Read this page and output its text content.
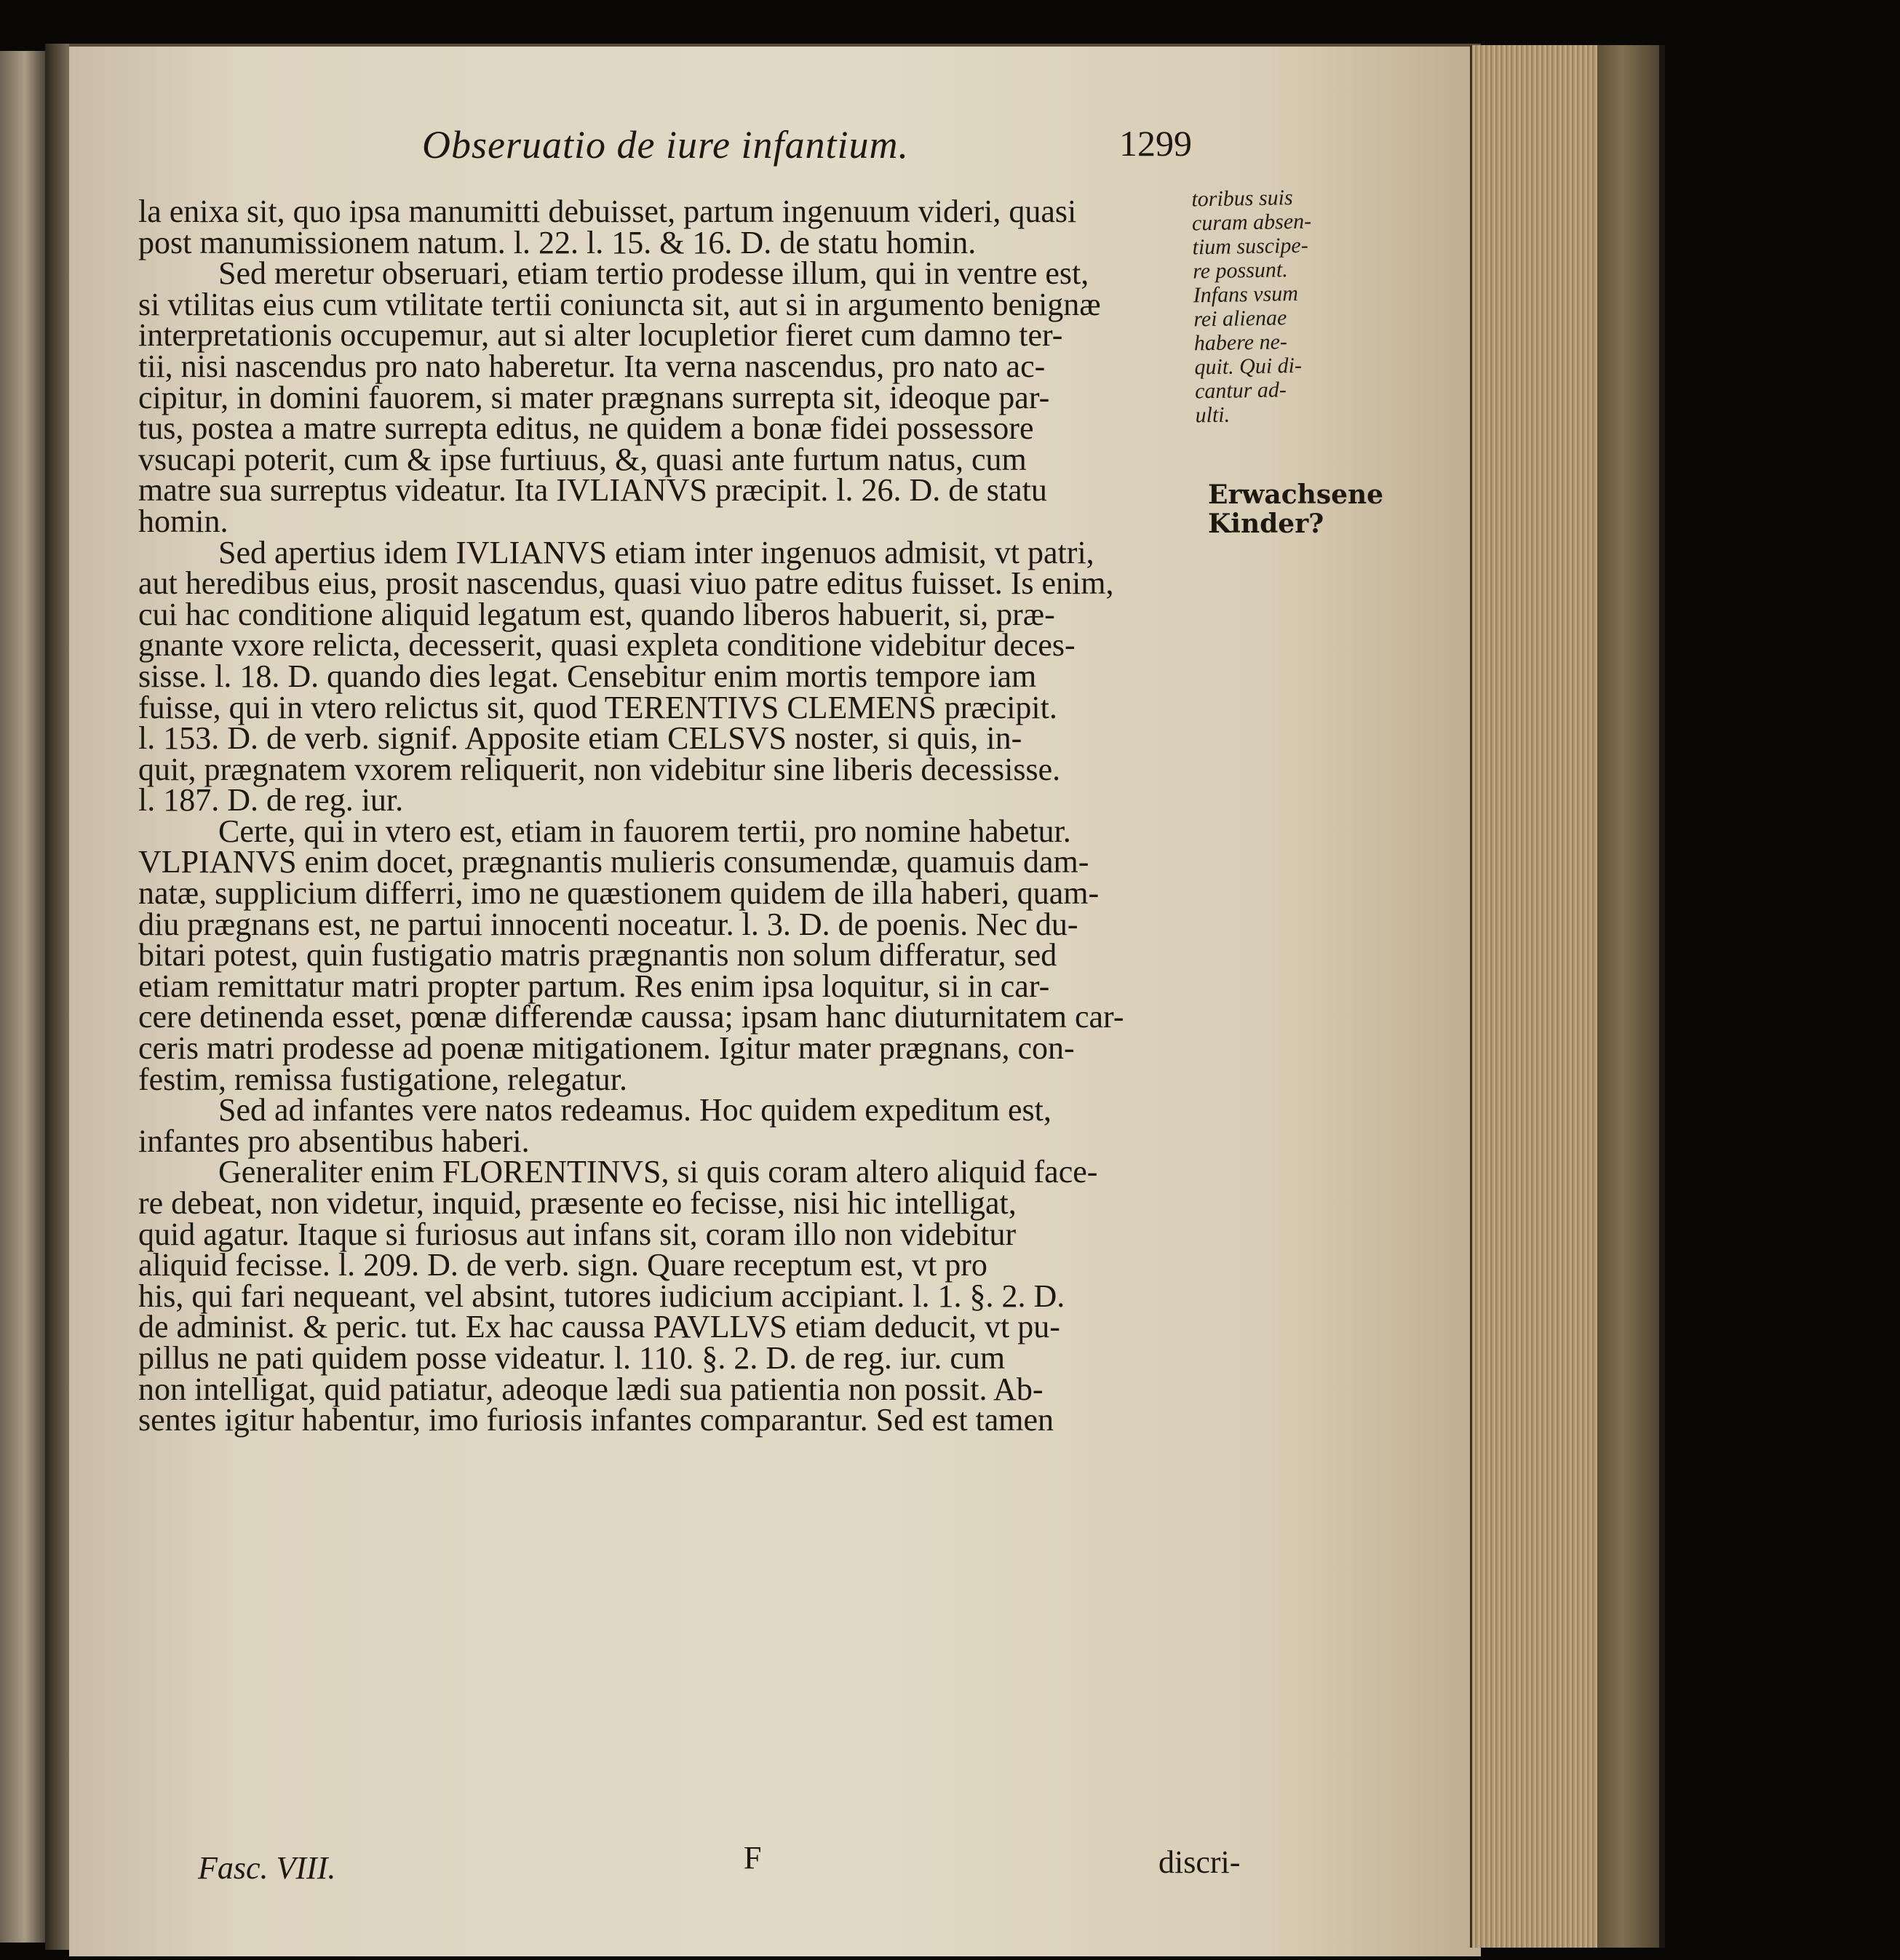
Obseruatio de iure infantium.	1299
la enixa sit, quo ipsa manumitti debuisset, partum ingenuum videri, quasi
post manumissionem natum. l. 22. l. 15. & 16. D. de statu homin.
Sed meretur obseruari, etiam tertio prodesse illum, qui in ventre est,
si vtilitas eius cum vtilitate tertii coniuncta sit, aut si in argumento benignæ
interpretationis occupemur, aut si alter locupletior fieret cum damno ter-
tii, nisi nascendus pro nato haberetur. Ita verna nascendus, pro nato ac-
cipitur, in domini fauorem, si mater prægnans surrepta sit, ideoque par-
tus, postea a matre surrepta editus, ne quidem a bonæ fidei possessore
vsucapi poterit, cum & ipse furtiuus, &, quasi ante furtum natus, cum
matre sua surreptus videatur. Ita IVLIANVS præcipit. l. 26. D. de statu
homin.
Sed apertius idem IVLIANVS etiam inter ingenuos admisit, vt patri,
aut heredibus eius, prosit nascendus, quasi viuo patre editus fuisset. Is enim,
cui hac conditione aliquid legatum est, quando liberos habuerit, si, præ-
gnante vxore relicta, decesserit, quasi expleta conditione videbitur deces-
sisse. l. 18. D. quando dies legat. Censebitur enim mortis tempore iam
fuisse, qui in vtero relictus sit, quod TERENTIVS CLEMENS præcipit.
l. 153. D. de verb. signif. Apposite etiam CELSVS noster, si quis, in-
quit, prægnatem vxorem reliquerit, non videbitur sine liberis decessisse.
l. 187. D. de reg. iur.
Certe, qui in vtero est, etiam in fauorem tertii, pro nomine habetur.
VLPIANVS enim docet, prægnantis mulieris consumendæ, quamuis dam-
natæ, supplicium differri, imo ne quæstionem quidem de illa haberi, quam-
diu prægnans est, ne partui innocenti noceatur. l. 3. D. de poenis. Nec du-
bitari potest, quin fustigatio matris prægnantis non solum differatur, sed
etiam remittatur matri propter partum. Res enim ipsa loquitur, si in car-
cere detinenda esset, pœnæ differendæ caussa; ipsam hanc diuturnitatem car-
ceris matri prodesse ad poenæ mitigationem. Igitur mater prægnans, con-
festim, remissa fustigatione, relegatur.
Sed ad infantes vere natos redeamus. Hoc quidem expeditum est,
infantes pro absentibus haberi.
Generaliter enim FLORENTINVS, si quis coram altero aliquid face-
re debeat, non videtur, inquid, præsente eo fecisse, nisi hic intelligat,
quid agatur. Itaque si furiosus aut infans sit, coram illo non videbitur
aliquid fecisse. l. 209. D. de verb. sign. Quare receptum est, vt pro
his, qui fari nequeant, vel absint, tutores iudicium accipiant. l. 1. §. 2. D.
de administ. & peric. tut. Ex hac caussa PAVLLVS etiam deducit, vt pu-
pillus ne pati quidem posse videatur. l. 110. §. 2. D. de reg. iur. cum
non intelligat, quid patiatur, adeoque lædi sua patientia non possit. Ab-
sentes igitur habentur, imo furiosis infantes comparantur. Sed est tamen
toribus suis
curam absen-
tium suscipe-
re possunt.
Infans vsum
rei alienae
habere ne-
quit. Qui di-
cantur ad-
ulti.
Erwachsene
Kinder?
Fasc. VIII.	F	discri-
